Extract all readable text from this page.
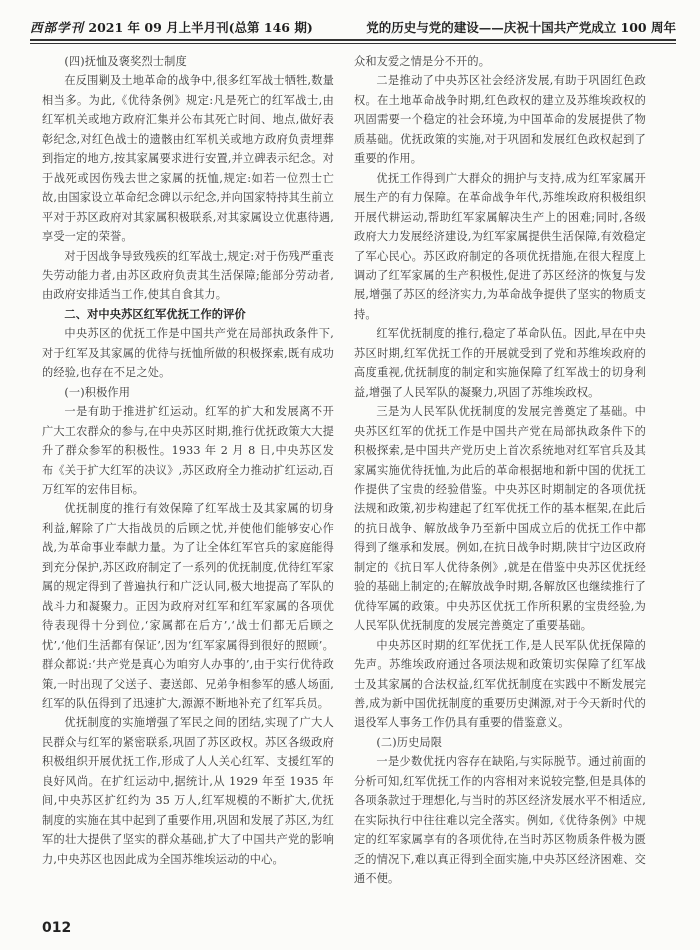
西部学刊 2021 年 09 月上半月刊(总第 146 期)	党的历史与党的建设——庆祝十国共产党成立 100 周年

(四)抚恤及褒奖烈士制度

在反围剿及土地革命的战争中,很多红军战士牺牲,数量相当多。为此,《优待条例》规定:凡是死亡的红军战士,由红军机关或地方政府汇集并公布其死亡时间、地点,做好表彰纪念,对红色战士的遗骸由红军机关或地方政府负责埋葬到指定的地方,按其家属要求进行安置,并立碑表示纪念。对于战死或因伤残去世之家属的抚恤,规定:如若一位烈士亡故,由国家设立革命纪念碑以示纪念,并向国家特持其生前立平对于苏区政府对其家属积极联系,对其家属设立优惠待遇,享受一定的荣誉。

对于因战争导致残疾的红军战士,规定:对于伤残严重丧失劳动能力者,由苏区政府负责其生活保障;能部分劳动者,由政府安排适当工作,使其自食其力。

二、对中央苏区红军优抚工作的评价

中央苏区的优抚工作是中国共产党在局部执政条件下,对于红军及其家属的优待与抚恤所做的积极探索,既有成功的经验,也存在不足之处。

(一)积极作用

一是有助于推进扩红运动。红军的扩大和发展离不开广大工农群众的参与,在中央苏区时期,推行优抚政策大大提升了群众参军的积极性。1933 年 2 月 8 日,中央苏区发布《关于扩大红军的决议》,苏区政府全力推动扩红运动,百万红军的宏伟目标。

优抚制度的推行有效保障了红军战士及其家属的切身利益,解除了广大指战员的后顾之忧,并使他们能够安心作战,为革命事业奉献力量。为了让全体红军官兵的家庭能得到充分保护,苏区政府制定了一系列的优抚制度,优待红军家属的规定得到了普遍执行和广泛认同,极大地提高了军队的战斗力和凝聚力。正因为政府对红军和红军家属的各项优待表现得十分到位,‘家属都在后方’,‘战士们都无后顾之忧’,‘他们生活都有保证’,因为‘红军家属得到很好的照顾’。群众都说:‘共产党是真心为咱穷人办事的’,由于实行优待政策,一时出现了父送子、妻送郎、兄弟争相参军的感人场面,红军的队伍得到了迅速扩大,源源不断地补充了红军兵员。

优抚制度的实施增强了军民之间的团结,实现了广大人民群众与红军的紧密联系,巩固了苏区政权。苏区各级政府积极组织开展优抚工作,形成了人人关心红军、支援红军的良好风尚。在扩红运动中,据统计,从 1929 年至 1935 年间,中央苏区扩红约为 35 万人,红军规模的不断扩大,优抚制度的实施在其中起到了重要作用,巩固和发展了苏区,为红军的壮大提供了坚实的群众基础,扩大了中国共产党的影响力,中央苏区也因此成为全国苏维埃运动的中心。

众和友爱之情是分不开的。

二是推动了中央苏区社会经济发展,有助于巩固红色政权。在土地革命战争时期,红色政权的建立及苏维埃政权的巩固需要一个稳定的社会环境,为中国革命的发展提供了物质基础。优抚政策的实施,对于巩固和发展红色政权起到了重要的作用。

优抚工作得到广大群众的拥护与支持,成为红军家属开展生产的有力保障。在革命战争年代,苏维埃政府积极组织开展代耕运动,帮助红军家属解决生产上的困难;同时,各级政府大力发展经济建设,为红军家属提供生活保障,有效稳定了军心民心。苏区政府制定的各项优抚措施,在很大程度上调动了红军家属的生产积极性,促进了苏区经济的恢复与发展,增强了苏区的经济实力,为革命战争提供了坚实的物质支持。

红军优抚制度的推行,稳定了革命队伍。因此,早在中央苏区时期,红军优抚工作的开展就受到了党和苏维埃政府的高度重视,优抚制度的制定和实施保障了红军战士的切身利益,增强了人民军队的凝聚力,巩固了苏维埃政权。

三是为人民军队优抚制度的发展完善奠定了基础。中央苏区红军的优抚工作是中国共产党在局部执政条件下的积极探索,是中国共产党历史上首次系统地对红军官兵及其家属实施优待抚恤,为此后的革命根据地和新中国的优抚工作提供了宝贵的经验借鉴。中央苏区时期制定的各项优抚法规和政策,初步构建起了红军优抚工作的基本框架,在此后的抗日战争、解放战争乃至新中国成立后的优抚工作中都得到了继承和发展。例如,在抗日战争时期,陕甘宁边区政府制定的《抗日军人优待条例》,就是在借鉴中央苏区优抚经验的基础上制定的;在解放战争时期,各解放区也继续推行了优待军属的政策。中央苏区优抚工作所积累的宝贵经验,为人民军队优抚制度的发展完善奠定了重要基础。

中央苏区时期的红军优抚工作,是人民军队优抚保障的先声。苏维埃政府通过各项法规和政策切实保障了红军战士及其家属的合法权益,红军优抚制度在实践中不断发展完善,成为新中国优抚制度的重要历史渊源,对于今天新时代的退役军人事务工作仍具有重要的借鉴意义。

(二)历史局限

一是少数优抚内容存在缺陷,与实际脱节。通过前面的分析可知,红军优抚工作的内容相对来说较完整,但是具体的各项条款过于理想化,与当时的苏区经济发展水平不相适应,在实际执行中往往难以完全落实。例如,《优待条例》中规定的红军家属享有的各项优待,在当时苏区物质条件极为匮乏的情况下,难以真正得到全面实施,中央苏区经济困难、交通不便。

012
